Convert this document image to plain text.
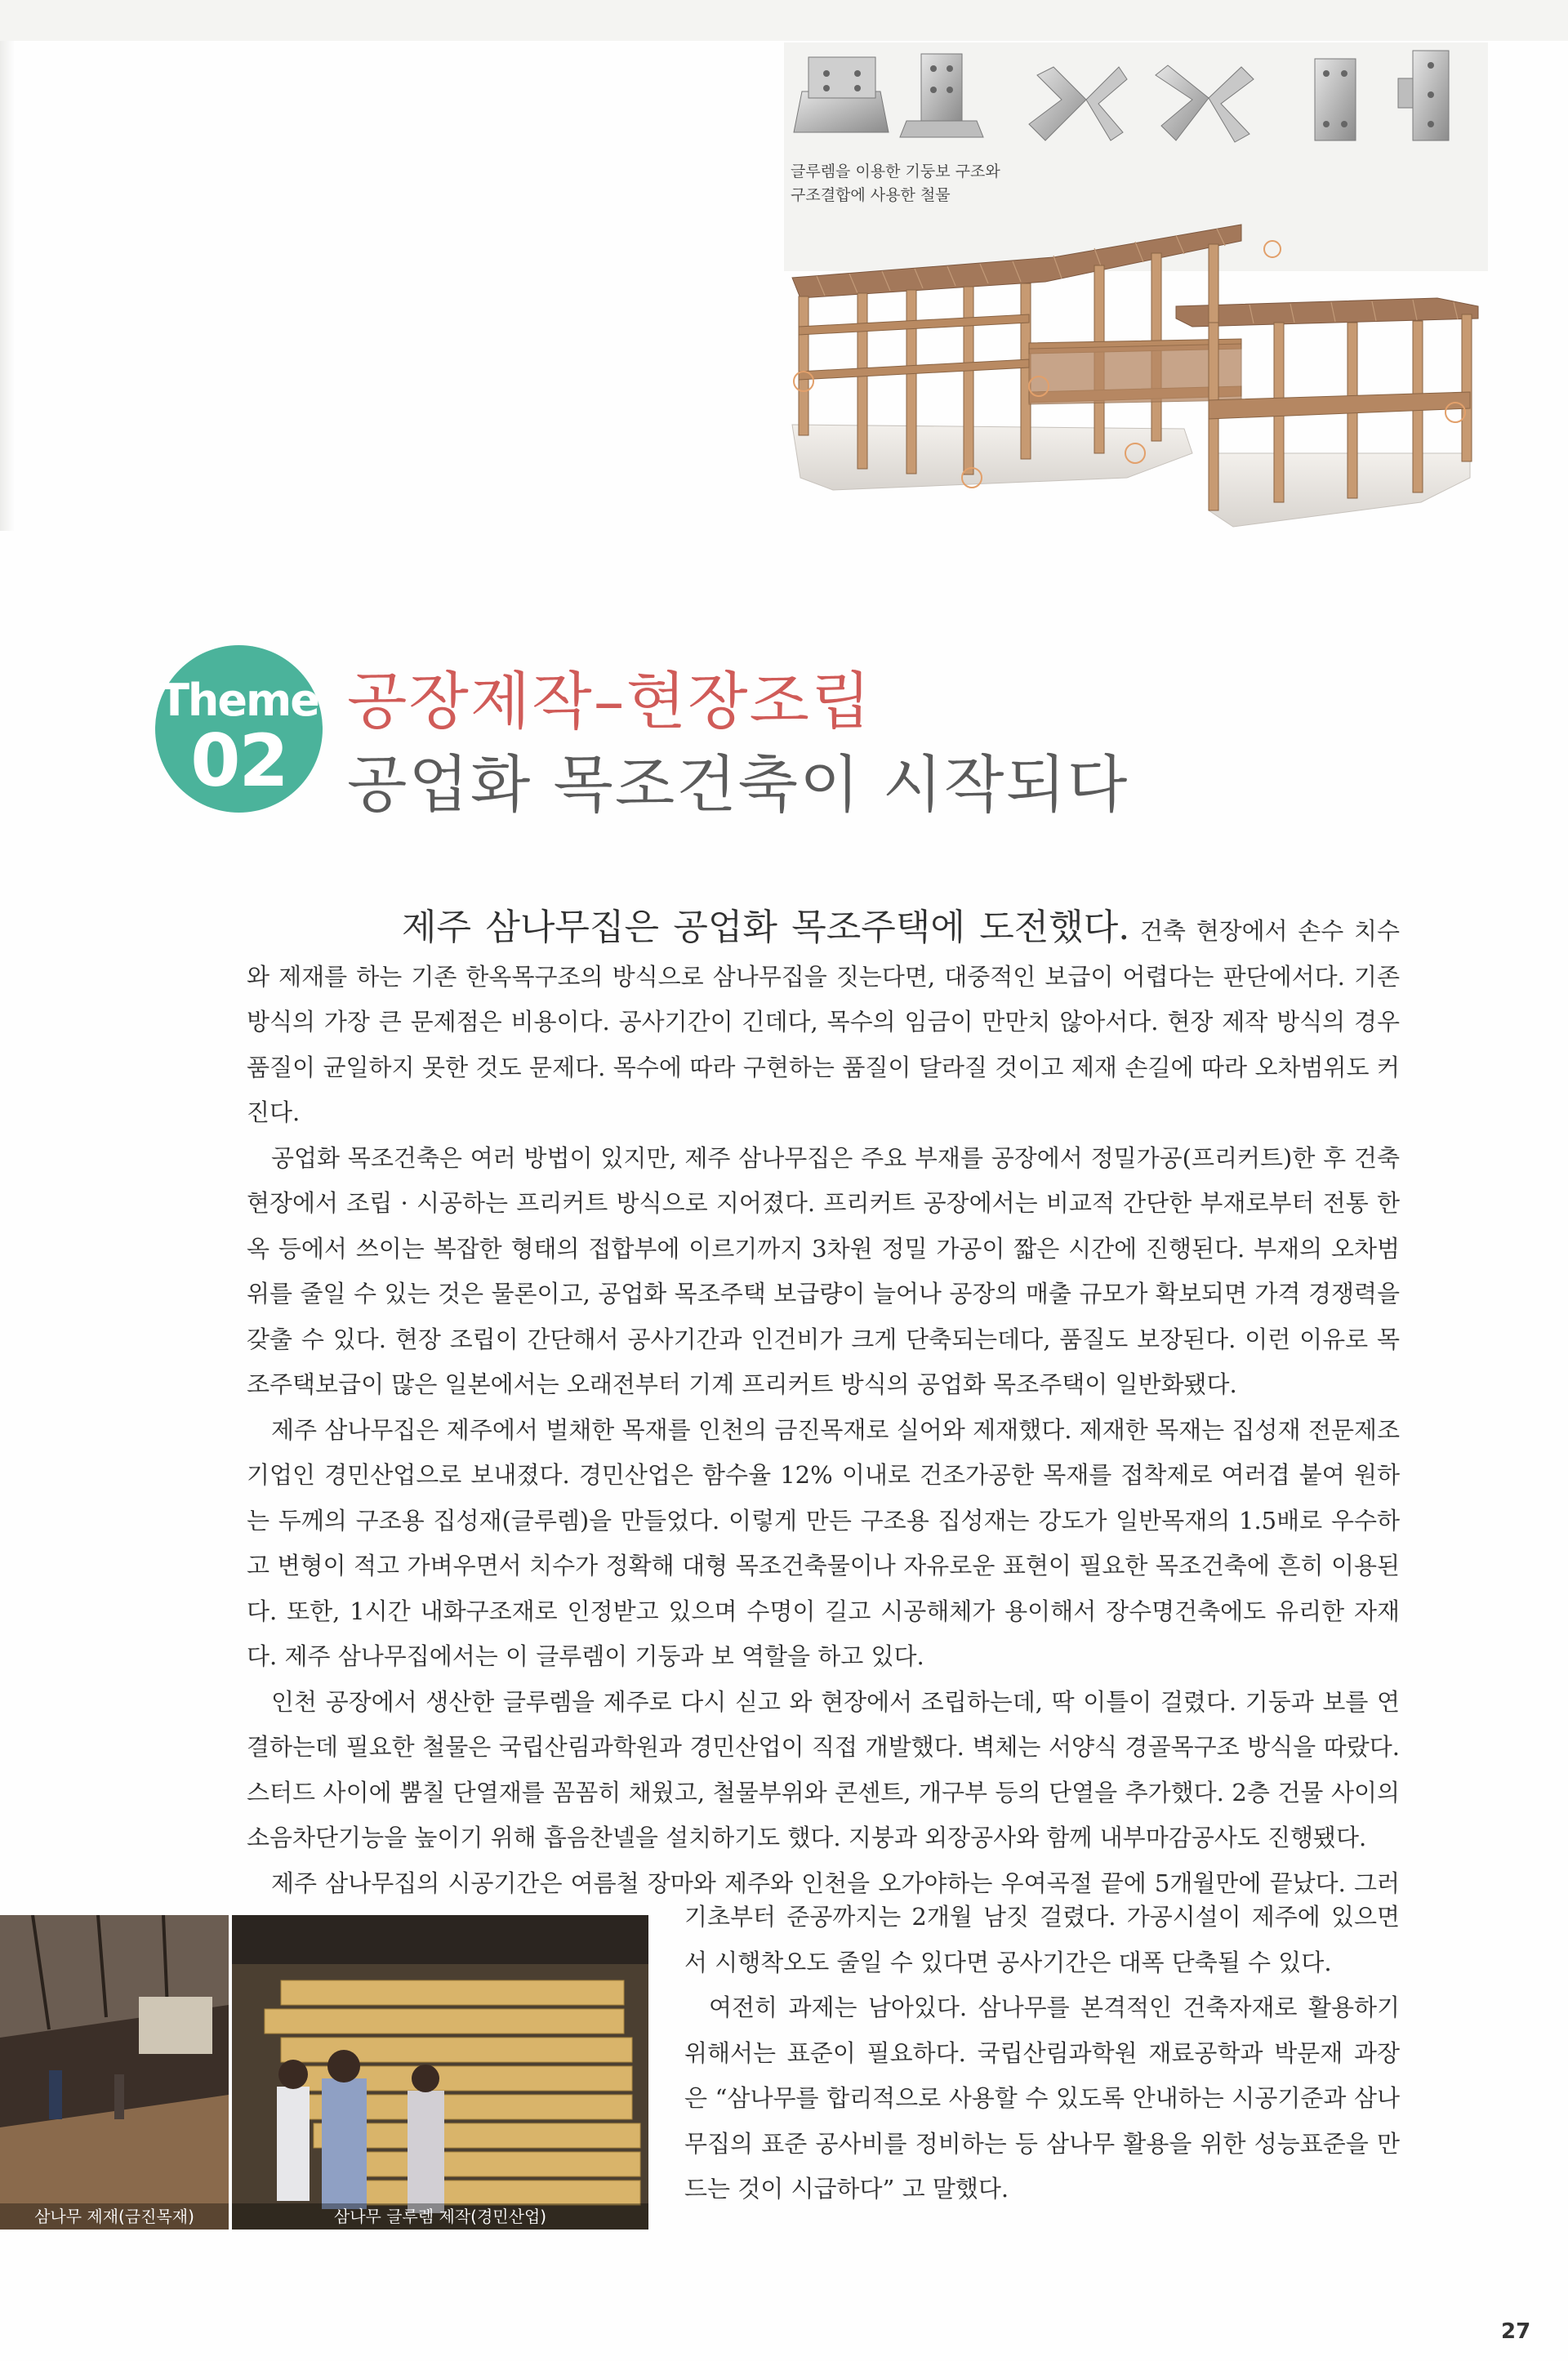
글루렘을 이용한 기둥보 구조와
구조결합에 사용한 철물
Theme
02
공장제작–현장조립
공업화 목조건축이 시작되다

제주 삼나무집은 공업화 목조주택에 도전했다. 건축 현장에서 손수 치수와 제재를 하는 기존 한옥목구조의 방식으로 삼나무집을 짓는다면, 대중적인 보급이 어렵다는 판단에서다. 기존 방식의 가장 큰 문제점은 비용이다. 공사기간이 긴데다, 목수의 임금이 만만치 않아서다. 현장 제작 방식의 경우 품질이 균일하지 못한 것도 문제다. 목수에 따라 구현하는 품질이 달라질 것이고 제재 손길에 따라 오차범위도 커진다.

공업화 목조건축은 여러 방법이 있지만, 제주 삼나무집은 주요 부재를 공장에서 정밀가공(프리커트)한 후 건축현장에서 조립 · 시공하는 프리커트 방식으로 지어졌다. 프리커트 공장에서는 비교적 간단한 부재로부터 전통 한옥 등에서 쓰이는 복잡한 형태의 접합부에 이르기까지 3차원 정밀 가공이 짧은 시간에 진행된다. 부재의 오차범위를 줄일 수 있는 것은 물론이고, 공업화 목조주택 보급량이 늘어나 공장의 매출 규모가 확보되면 가격 경쟁력을 갖출 수 있다. 현장 조립이 간단해서 공사기간과 인건비가 크게 단축되는데다, 품질도 보장된다. 이런 이유로 목조주택보급이 많은 일본에서는 오래전부터 기계 프리커트 방식의 공업화 목조주택이 일반화됐다.

제주 삼나무집은 제주에서 벌채한 목재를 인천의 금진목재로 실어와 제재했다. 제재한 목재는 집성재 전문제조 기업인 경민산업으로 보내졌다. 경민산업은 함수율 12% 이내로 건조가공한 목재를 접착제로 여러겹 붙여 원하는 두께의 구조용 집성재(글루렘)을 만들었다. 이렇게 만든 구조용 집성재는 강도가 일반목재의 1.5배로 우수하고 변형이 적고 가벼우면서 치수가 정확해 대형 목조건축물이나 자유로운 표현이 필요한 목조건축에 흔히 이용된다. 또한, 1시간 내화구조재로 인정받고 있으며 수명이 길고 시공해체가 용이해서 장수명건축에도 유리한 자재다. 제주 삼나무집에서는 이 글루렘이 기둥과 보 역할을 하고 있다.

인천 공장에서 생산한 글루렘을 제주로 다시 싣고 와 현장에서 조립하는데, 딱 이틀이 걸렸다. 기둥과 보를 연결하는데 필요한 철물은 국립산림과학원과 경민산업이 직접 개발했다. 벽체는 서양식 경골목구조 방식을 따랐다. 스터드 사이에 뿜칠 단열재를 꼼꼼히 채웠고, 철물부위와 콘센트, 개구부 등의 단열을 추가했다. 2층 건물 사이의 소음차단기능을 높이기 위해 흡음찬넬을 설치하기도 했다. 지붕과 외장공사와 함께 내부마감공사도 진행됐다.

제주 삼나무집의 시공기간은 여름철 장마와 제주와 인천을 오가야하는 우여곡절 끝에 5개월만에 끝났다. 그러

기초부터 준공까지는 2개월 남짓 걸렸다. 가공시설이 제주에 있으면서 시행착오도 줄일 수 있다면 공사기간은 대폭 단축될 수 있다.

여전히 과제는 남아있다. 삼나무를 본격적인 건축자재로 활용하기 위해서는 표준이 필요하다. 국립산림과학원 재료공학과 박문재 과장은 “삼나무를 합리적으로 사용할 수 있도록 안내하는 시공기준과 삼나무집의 표준 공사비를 정비하는 등 삼나무 활용을 위한 성능표준을 만드는 것이 시급하다” 고 말했다.

삼나무 제재(금진목재)	삼나무 글루렘 제작(경민산업)
27
